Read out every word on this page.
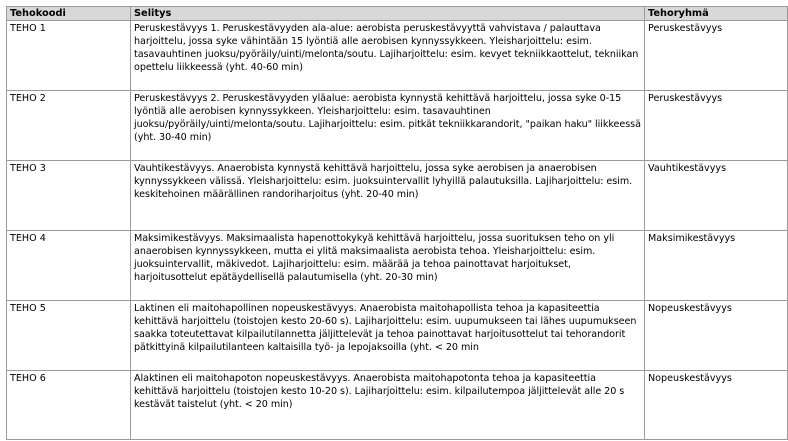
Tehokoodi	Selitys	Tehoryhmä
TEHO 1	Peruskestävyys 1. Peruskestävyyden ala-alue: aerobista peruskestävyyttä vahvistava / palauttava harjoittelu, jossa syke vähintään 15 lyöntiä alle aerobisen kynnyssykkeen. Yleisharjoittelu: esim. tasavauhtinen juoksu/pyöräily/uinti/melonta/soutu. Lajiharjoittelu: esim. kevyet tekniikkaottelut, tekniikan opettelu liikkeessä (yht. 40-60 min)	Peruskestävyys
TEHO 2	Peruskestävyys 2. Peruskestävyyden yläalue: aerobista kynnystä kehittävä harjoittelu, jossa syke 0-15 lyöntiä alle aerobisen kynnyssykkeen. Yleisharjoittelu: esim. tasavauhtinen juoksu/pyöräily/uinti/melonta/soutu. Lajiharjoittelu: esim. pitkät tekniikkarandorit, "paikan haku" liikkeessä (yht. 30-40 min)	Peruskestävyys
TEHO 3	Vauhtikestävyys. Anaerobista kynnystä kehittävä harjoittelu, jossa syke aerobisen ja anaerobisen kynnyssykkeen välissä. Yleisharjoittelu: esim. juoksuintervallit lyhyillä palautuksilla. Lajiharjoittelu: esim. keskitehoinen määrällinen randoriharjoitus (yht. 20-40 min)	Vauhtikestävyys
TEHO 4	Maksimikestävyys. Maksimaalista hapenottokykyä kehittävä harjoittelu, jossa suorituksen teho on yli anaerobisen kynnyssykkeen, mutta ei ylitä maksimaalista aerobista tehoa. Yleisharjoittelu: esim. juoksuintervallit, mäkivedot. Lajiharjoittelu: esim. määrää ja tehoa painottavat harjoitukset, harjoitusottelut epätäydellisellä palautumisella (yht. 20-30 min)	Maksimikestävyys
TEHO 5	Laktinen eli maitohapollinen nopeuskestävyys. Anaerobista maitohapollista tehoa ja kapasiteettia kehittävä harjoittelu (toistojen kesto 20-60 s). Lajiharjoittelu: esim. uupumukseen tai lähes uupumukseen saakka toteutettavat kilpailutilannetta jäljittelevät ja tehoa painottavat harjoitusottelut tai tehorandorit pätkittyinä kilpailutilanteen kaltaisilla työ- ja lepojaksoilla (yht. < 20 min	Nopeuskestävyys
TEHO 6	Alaktinen eli maitohapoton nopeuskestävyys. Anaerobista maitohapotonta tehoa ja kapasiteettia kehittävä harjoittelu (toistojen kesto 10-20 s). Lajiharjoittelu: esim. kilpailutempoa jäljittelevät alle 20 s kestävät taistelut (yht. < 20 min)	Nopeuskestävyys
